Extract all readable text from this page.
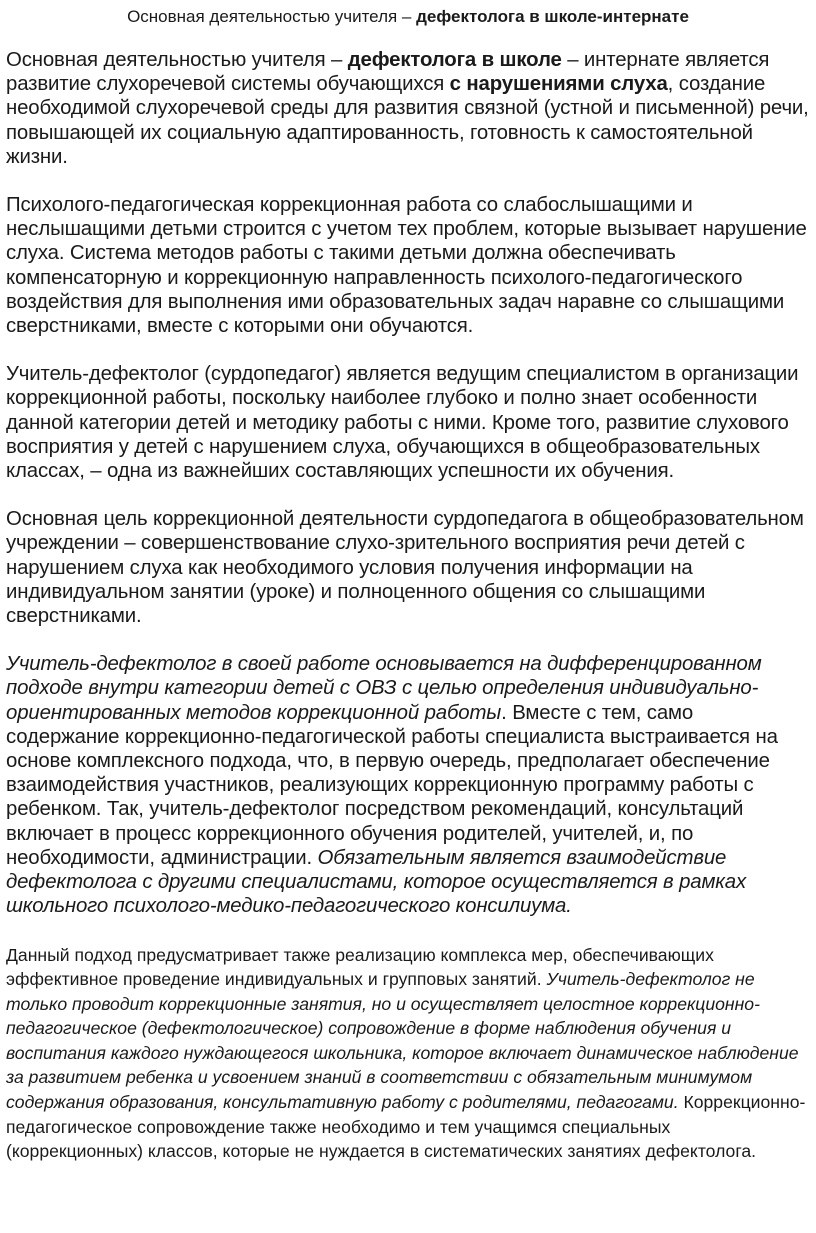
Основная деятельностью учителя – дефектолога в школе-интернате

Основная деятельностью учителя – дефектолога в школе – интернате является развитие слухоречевой системы обучающихся с нарушениями слуха, создание необходимой слухоречевой среды для развития связной (устной и письменной) речи, повышающей их социальную адаптированность, готовность к самостоятельной жизни.

Психолого-педагогическая коррекционная работа со слабослышащими и неслышащими детьми строится с учетом тех проблем, которые вызывает нарушение слуха. Система методов работы с такими детьми должна обеспечивать компенсаторную и коррекционную направленность психолого-педагогического воздействия для выполнения ими образовательных задач наравне со слышащими сверстниками, вместе с которыми они обучаются.

Учитель-дефектолог (сурдопедагог) является ведущим специалистом в организации коррекционной работы, поскольку наиболее глубоко и полно знает особенности данной категории детей и методику работы с ними. Кроме того, развитие слухового восприятия у детей с нарушением слуха, обучающихся в общеобразовательных классах, – одна из важнейших составляющих успешности их обучения.

Основная цель коррекционной деятельности сурдопедагога в общеобразовательном учреждении – совершенствование слухо-зрительного восприятия речи детей с нарушением слуха как необходимого условия получения информации на индивидуальном занятии (уроке) и полноценного общения со слышащими сверстниками.

Учитель-дефектолог в своей работе основывается на дифференцированном подходе внутри категории детей с ОВЗ с целью определения индивидуально-ориентированных методов коррекционной работы. Вместе с тем, само содержание коррекционно-педагогической работы специалиста выстраивается на основе комплексного подхода, что, в первую очередь, предполагает обеспечение взаимодействия участников, реализующих коррекционную программу работы с ребенком. Так, учитель-дефектолог посредством рекомендаций, консультаций включает в процесс коррекционного обучения родителей, учителей, и, по необходимости, администрации. Обязательным является взаимодействие дефектолога с другими специалистами, которое осуществляется в рамках школьного психолого-медико-педагогического консилиума.

Данный подход предусматривает также реализацию комплекса мер, обеспечивающих эффективное проведение индивидуальных и групповых занятий. Учитель-дефектолог не только проводит коррекционные занятия, но и осуществляет целостное коррекционно-педагогическое (дефектологическое) сопровождение в форме наблюдения обучения и воспитания каждого нуждающегося школьника, которое включает динамическое наблюдение за развитием ребенка и усвоением знаний в соответствии с обязательным минимумом содержания образования, консультативную работу с родителями, педагогами. Коррекционно-педагогическое сопровождение также необходимо и тем учащимся специальных (коррекционных) классов, которые не нуждается в систематических занятиях дефектолога.
